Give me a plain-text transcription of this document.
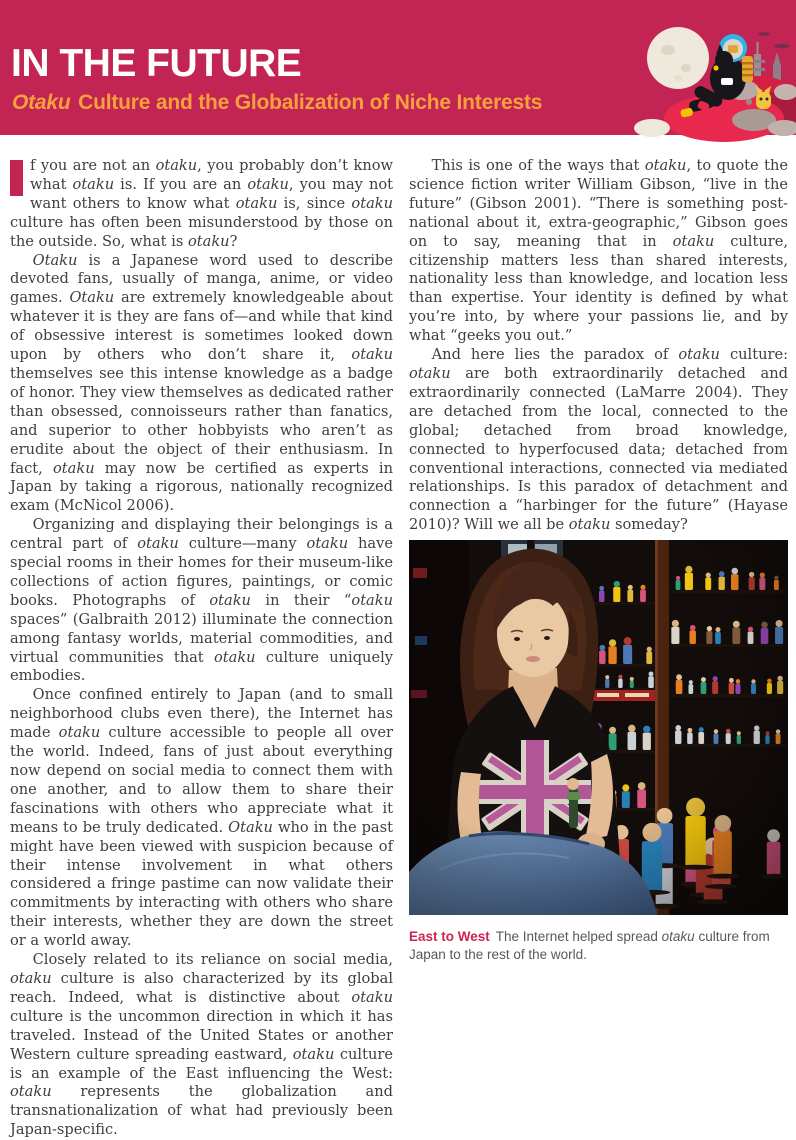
IN THE FUTURE
Otaku Culture and the Globalization of Niche Interests

f you are not an otaku, you probably don’t know what otaku is. If you are an otaku, you may not want others to know what otaku is, since otaku culture has often been misunderstood by those on the outside. So, what is otaku?

Otaku is a Japanese word used to describe devoted fans, usually of manga, anime, or video games. Otaku are extremely knowledgeable about whatever it is they are fans of—and while that kind of obsessive interest is sometimes looked down upon by others who don’t share it, otaku themselves see this intense knowledge as a badge of honor. They view themselves as dedicated rather than obsessed, connoisseurs rather than fanatics, and superior to other hobbyists who aren’t as erudite about the object of their enthusiasm. In fact, otaku may now be certified as experts in Japan by taking a rigorous, nationally recognized exam (McNicol 2006).

Organizing and displaying their belongings is a central part of otaku culture—many otaku have special rooms in their homes for their museum-like collections of action figures, paintings, or comic books. Photographs of otaku in their “otaku spaces” (Galbraith 2012) illuminate the connection among fantasy worlds, material commodities, and virtual communities that otaku culture uniquely embodies.

Once confined entirely to Japan (and to small neighborhood clubs even there), the Internet has made otaku culture accessible to people all over the world. Indeed, fans of just about everything now depend on social media to connect them with one another, and to allow them to share their fascinations with others who appreciate what it means to be truly dedicated. Otaku who in the past might have been viewed with suspicion because of their intense involvement in what others considered a fringe pastime can now validate their commitments by interacting with others who share their interests, whether they are down the street or a world away.

Closely related to its reliance on social media, otaku culture is also characterized by its global reach. Indeed, what is distinctive about otaku culture is the uncommon direction in which it has traveled. Instead of the United States or another Western culture spreading eastward, otaku culture is an example of the East influencing the West: otaku represents the globalization and transnationalization of what had previously been Japan-specific.

This is one of the ways that otaku, to quote the science fiction writer William Gibson, “live in the future” (Gibson 2001). “There is something post-national about it, extra-geographic,” Gibson goes on to say, meaning that in otaku culture, citizenship matters less than shared interests, nationality less than knowledge, and location less than expertise. Your identity is defined by what you’re into, by where your passions lie, and by what “geeks you out.”

And here lies the paradox of otaku culture: otaku are both extraordinarily detached and extraordinarily connected (LaMarre 2004). They are detached from the local, connected to the global; detached from broad knowledge, connected to hyperfocused data; detached from conventional interactions, connected via mediated relationships. Is this paradox of detachment and connection a “harbinger for the future” (Hayase 2010)? Will we all be otaku someday?

East to West The Internet helped spread otaku culture from Japan to the rest of the world.
